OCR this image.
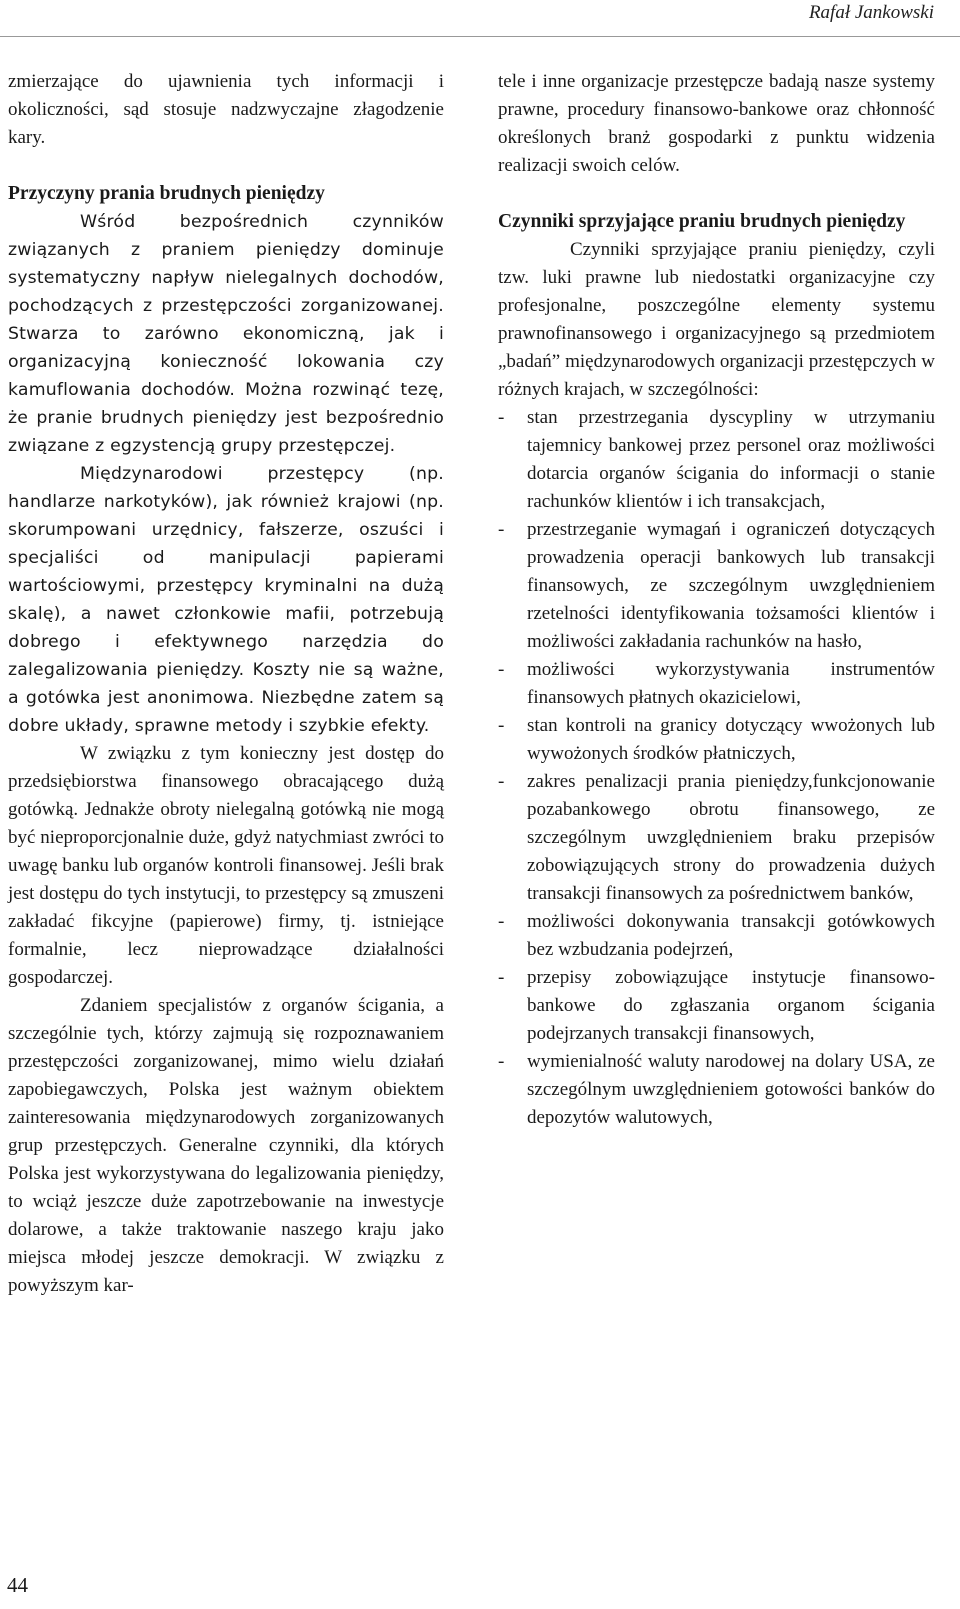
Rafał Jankowski

zmierzające do ujawnienia tych informacji i okoliczności, sąd stosuje nadzwyczajne złagodzenie kary.

Przyczyny prania brudnych pieniędzy

Wśród bezpośrednich czynników związanych z praniem pieniędzy dominuje systematyczny napływ nielegalnych dochodów, pochodzących z przestępczości zorganizowanej. Stwarza to zarówno ekonomiczną, jak i organizacyjną konieczność lokowania czy kamuflowania dochodów. Można rozwinąć tezę, że pranie brudnych pieniędzy jest bezpośrednio związane z egzystencją grupy przestępczej.

Międzynarodowi przestępcy (np. handlarze narkotyków), jak również krajowi (np. skorumpowani urzędnicy, fałszerze, oszuści i specjaliści od manipulacji papierami wartościowymi, przestępcy kryminalni na dużą skalę), a nawet członkowie mafii, potrzebują dobrego i efektywnego narzędzia do zalegalizowania pieniędzy. Koszty nie są ważne, a gotówka jest anonimowa. Niezbędne zatem są dobre układy, sprawne metody i szybkie efekty.

W związku z tym konieczny jest dostęp do przedsiębiorstwa finansowego obracającego dużą gotówką. Jednakże obroty nielegalną gotówką nie mogą być nieproporcjonalnie duże, gdyż natychmiast zwróci to uwagę banku lub organów kontroli finansowej. Jeśli brak jest dostępu do tych instytucji, to przestępcy są zmuszeni zakładać fikcyjne (papierowe) firmy, tj. istniejące formalnie, lecz nieprowadzące działalności gospodarczej.

Zdaniem specjalistów z organów ścigania, a szczególnie tych, którzy zajmują się rozpoznawaniem przestępczości zorganizowanej, mimo wielu działań zapobiegawczych, Polska jest ważnym obiektem zainteresowania międzynarodowych zorganizowanych grup przestępczych. Generalne czynniki, dla których Polska jest wykorzystywana do legalizowania pieniędzy, to wciąż jeszcze duże zapotrzebowanie na inwestycje dolarowe, a także traktowanie naszego kraju jako miejsca młodej jeszcze demokracji. W związku z powyższym kar-

tele i inne organizacje przestępcze badają nasze systemy prawne, procedury finansowo-bankowe oraz chłonność określonych branż gospodarki z punktu widzenia realizacji swoich celów.

Czynniki sprzyjające praniu brudnych pieniędzy

Czynniki sprzyjające praniu pieniędzy, czyli tzw. luki prawne lub niedostatki organizacyjne czy profesjonalne, poszczególne elementy systemu prawnofinansowego i organizacyjnego są przedmiotem „badań” międzynarodowych organizacji przestępczych w różnych krajach, w szczególności:

- stan przestrzegania dyscypliny w utrzymaniu tajemnicy bankowej przez personel oraz możliwości dotarcia organów ścigania do informacji o stanie rachunków klientów i ich transakcjach,
- przestrzeganie wymagań i ograniczeń dotyczących prowadzenia operacji bankowych lub transakcji finansowych, ze szczególnym uwzględnieniem rzetelności identyfikowania tożsamości klientów i możliwości zakładania rachunków na hasło,
- możliwości wykorzystywania instrumentów finansowych płatnych okazicielowi,
- stan kontroli na granicy dotyczący wwożonych lub wywożonych środków płatniczych,
- zakres penalizacji prania pieniędzy,funkcjonowanie pozabankowego obrotu finansowego, ze szczególnym uwzględnieniem braku przepisów zobowiązujących strony do prowadzenia dużych transakcji finansowych za pośrednictwem banków,
- możliwości dokonywania transakcji gotówkowych bez wzbudzania podejrzeń,
- przepisy zobowiązujące instytucje finansowo-bankowe do zgłaszania organom ścigania podejrzanych transakcji finansowych,
- wymienialność waluty narodowej na dolary USA, ze szczególnym uwzględnieniem gotowości banków do depozytów walutowych,
44
